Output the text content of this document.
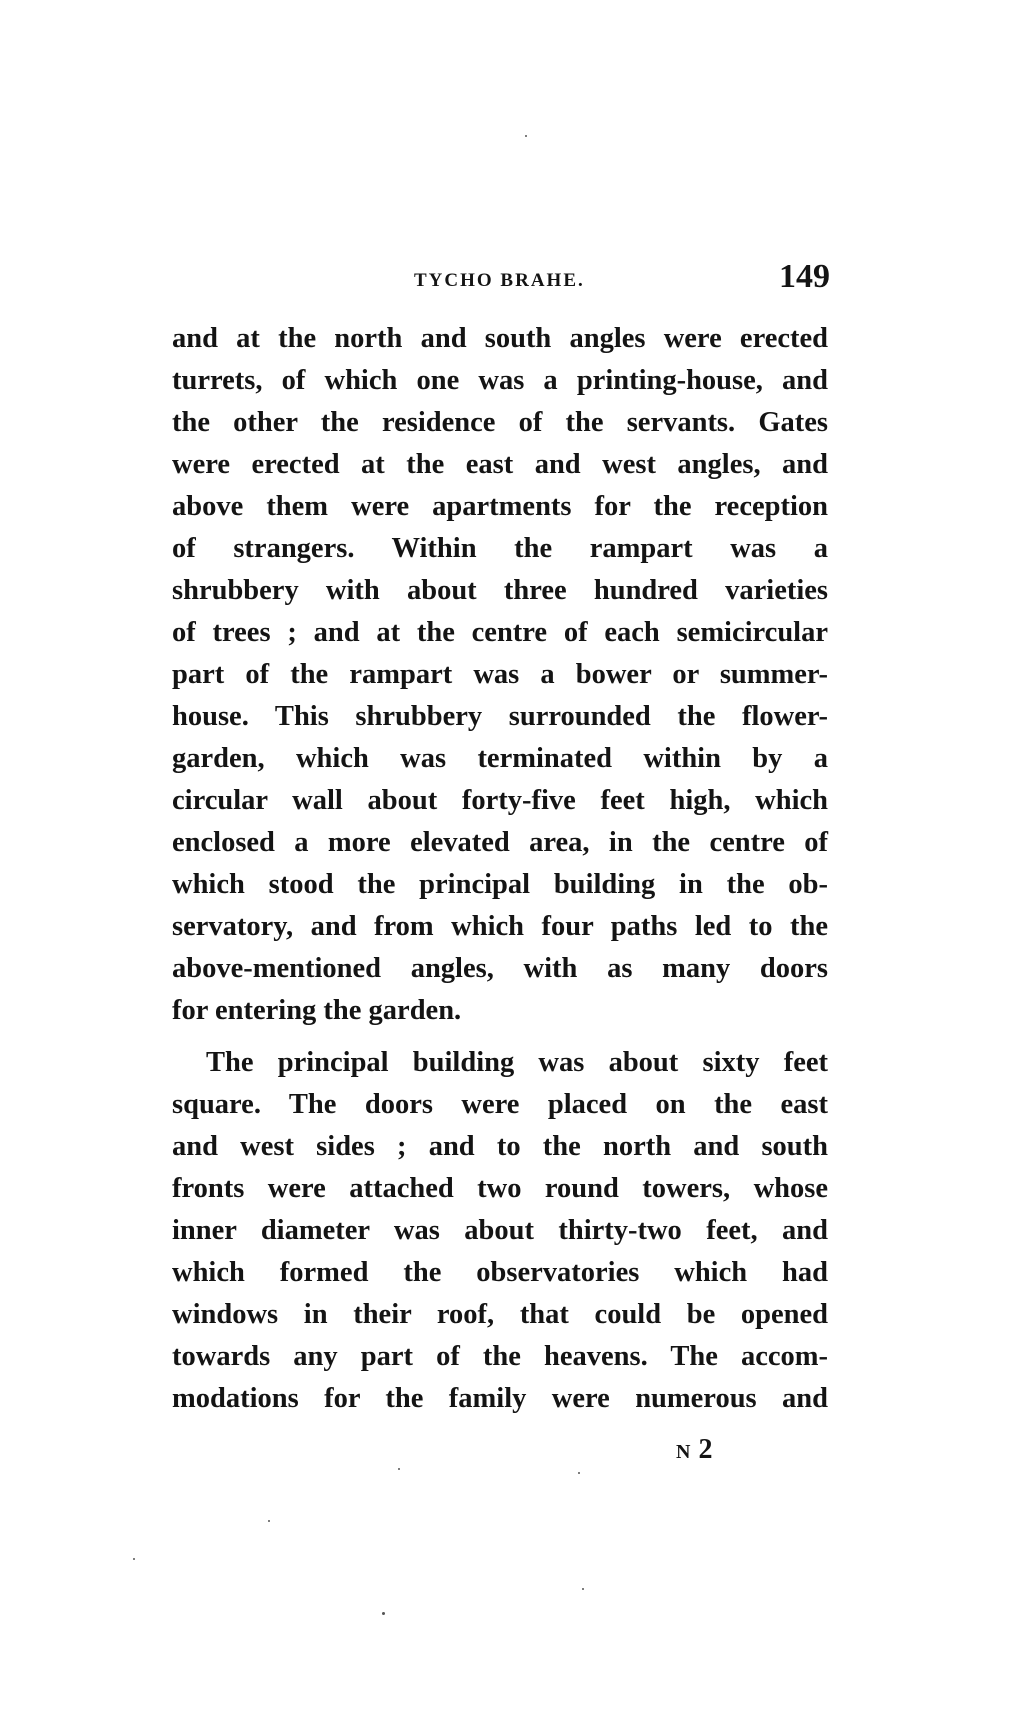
TYCHO BRAHE.	149
and at the north and south angles were erected
turrets, of which one was a printing-house, and
the other the residence of the servants. Gates
were erected at the east and west angles, and
above them were apartments for the reception
of strangers. Within the rampart was a
shrubbery with about three hundred varieties
of trees ; and at the centre of each semicircular
part of the rampart was a bower or summer-
house. This shrubbery surrounded the flower-
garden, which was terminated within by a
circular wall about forty-five feet high, which
enclosed a more elevated area, in the centre of
which stood the principal building in the ob-
servatory, and from which four paths led to the
above-mentioned angles, with as many doors
for entering the garden.
The principal building was about sixty feet
square. The doors were placed on the east
and west sides ; and to the north and south
fronts were attached two round towers, whose
inner diameter was about thirty-two feet, and
which formed the observatories which had
windows in their roof, that could be opened
towards any part of the heavens. The accom-
modations for the family were numerous and
N 2
